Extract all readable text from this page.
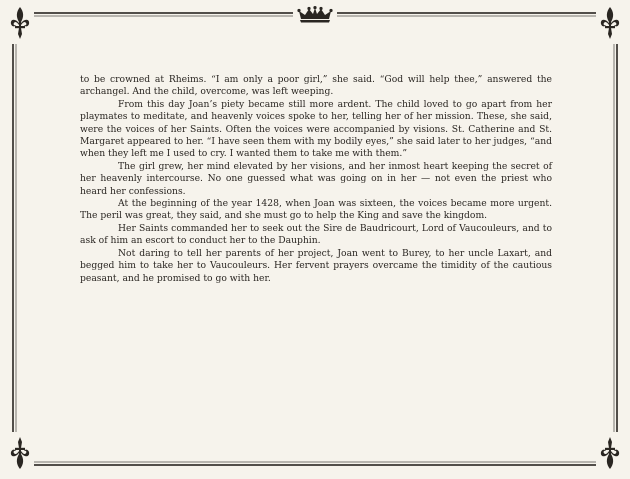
to be crowned at Rheims. “I am only a poor girl,” she said. “God will help thee,” answered the archangel. And the child, overcome, was left weeping.

From this day Joan’s piety became still more ardent. The child loved to go apart from her playmates to meditate, and heavenly voices spoke to her, telling her of her mission. These, she said, were the voices of her Saints. Often the voices were accompanied by visions. St. Catherine and St. Margaret appeared to her. “I have seen them with my bodily eyes,” she said later to her judges, “and when they left me I used to cry. I wanted them to take me with them.”

The girl grew, her mind elevated by her visions, and her inmost heart keeping the secret of her heavenly intercourse. No one guessed what was going on in her — not even the priest who heard her confessions.

At the beginning of the year 1428, when Joan was sixteen, the voices became more urgent. The peril was great, they said, and she must go to help the King and save the kingdom.

Her Saints commanded her to seek out the Sire de Baudricourt, Lord of Vaucouleurs, and to ask of him an escort to conduct her to the Dauphin.

Not daring to tell her parents of her project, Joan went to Burey, to her uncle Laxart, and begged him to take her to Vaucouleurs. Her fervent prayers overcame the timidity of the cautious peasant, and he promised to go with her.
